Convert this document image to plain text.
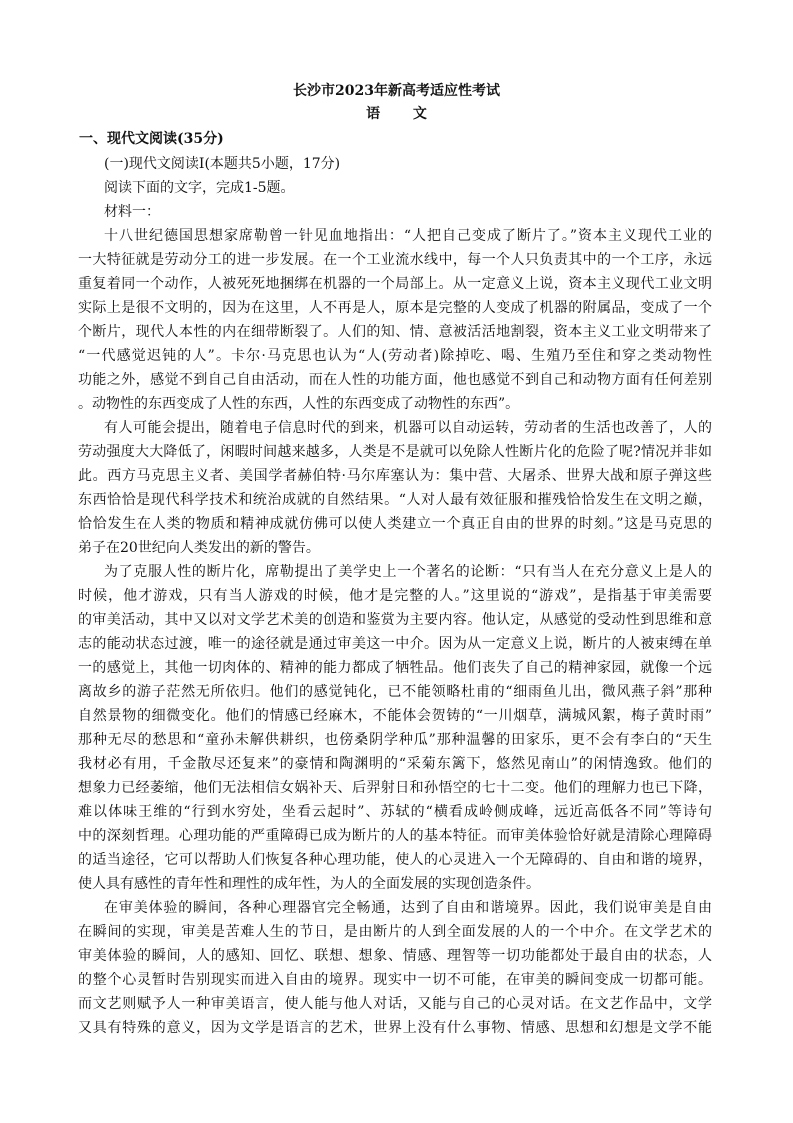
长沙市2023年新高考适应性考试
语 文
一、现代文阅读(35分)
(一)现代文阅读Ⅰ(本题共5小题，17分)
阅读下面的文字，完成1-5题。
材料一：
十八世纪德国思想家席勒曾一针见血地指出：“人把自己变成了断片了。”资本主义现代工业的
一大特征就是劳动分工的进一步发展。在一个工业流水线中，每一个人只负责其中的一个工序，永远
重复着同一个动作，人被死死地捆绑在机器的一个局部上。从一定意义上说，资本主义现代工业文明
实际上是很不文明的，因为在这里，人不再是人，原本是完整的人变成了机器的附属品，变成了一个
个断片，现代人本性的内在细带断裂了。人们的知、情、意被活活地割裂，资本主义工业文明带来了
“一代感觉迟钝的人”。卡尔·马克思也认为“人(劳动者)除掉吃、喝、生殖乃至住和穿之类动物性
功能之外，感觉不到自己自由活动，而在人性的功能方面，他也感觉不到自己和动物方面有任何差别
。动物性的东西变成了人性的东西，人性的东西变成了动物性的东西”。
有人可能会提出，随着电子信息时代的到来，机器可以自动运转，劳动者的生活也改善了，人的
劳动强度大大降低了，闲暇时间越来越多，人类是不是就可以免除人性断片化的危险了呢?情况并非如
此。西方马克思主义者、美国学者赫伯特·马尔库塞认为：集中营、大屠杀、世界大战和原子弹这些
东西恰恰是现代科学技术和统治成就的自然结果。“人对人最有效征服和摧残恰恰发生在文明之巅，
恰恰发生在人类的物质和精神成就仿佛可以使人类建立一个真正自由的世界的时刻。”这是马克思的
弟子在20世纪向人类发出的新的警告。
为了克服人性的断片化，席勒提出了美学史上一个著名的论断：“只有当人在充分意义上是人的
时候，他才游戏，只有当人游戏的时候，他才是完整的人。”这里说的“游戏”，是指基于审美需要
的审美活动，其中又以对文学艺术美的创造和鉴赏为主要内容。他认定，从感觉的受动性到思维和意
志的能动状态过渡，唯一的途径就是通过审美这一中介。因为从一定意义上说，断片的人被束缚在单
一的感觉上，其他一切肉体的、精神的能力都成了牺牲品。他们丧失了自己的精神家园，就像一个远
离故乡的游子茫然无所依归。他们的感觉钝化，已不能领略杜甫的“细雨鱼儿出，微风燕子斜”那种
自然景物的细微变化。他们的情感已经麻木，不能体会贺铸的“一川烟草，满城风絮，梅子黄时雨”
那种无尽的愁思和“童孙未解供耕织，也傍桑阴学种瓜”那种温馨的田家乐，更不会有李白的“天生
我材必有用，千金散尽还复来”的豪情和陶渊明的“采菊东篱下，悠然见南山”的闲情逸致。他们的
想象力已经萎缩，他们无法相信女娲补天、后羿射日和孙悟空的七十二变。他们的理解力也已下降，
难以体味王维的“行到水穷处，坐看云起时”、苏轼的“横看成岭侧成峰，远近高低各不同”等诗句
中的深刻哲理。心理功能的严重障碍已成为断片的人的基本特征。而审美体验恰好就是清除心理障碍
的适当途径，它可以帮助人们恢复各种心理功能，使人的心灵进入一个无障碍的、自由和谐的境界，
使人具有感性的青年性和理性的成年性，为人的全面发展的实现创造条件。
在审美体验的瞬间，各种心理器官完全畅通，达到了自由和谐境界。因此，我们说审美是自由
在瞬间的实现，审美是苦难人生的节日，是由断片的人到全面发展的人的一个中介。在文学艺术的
审美体验的瞬间，人的感知、回忆、联想、想象、情感、理智等一切功能都处于最自由的状态，人
的整个心灵暂时告别现实而进入自由的境界。现实中一切不可能，在审美的瞬间变成一切都可能。
而文艺则赋予人一种审美语言，使人能与他人对话，又能与自己的心灵对话。在文艺作品中，文学
又具有特殊的意义，因为文学是语言的艺术，世界上没有什么事物、情感、思想和幻想是文学不能
